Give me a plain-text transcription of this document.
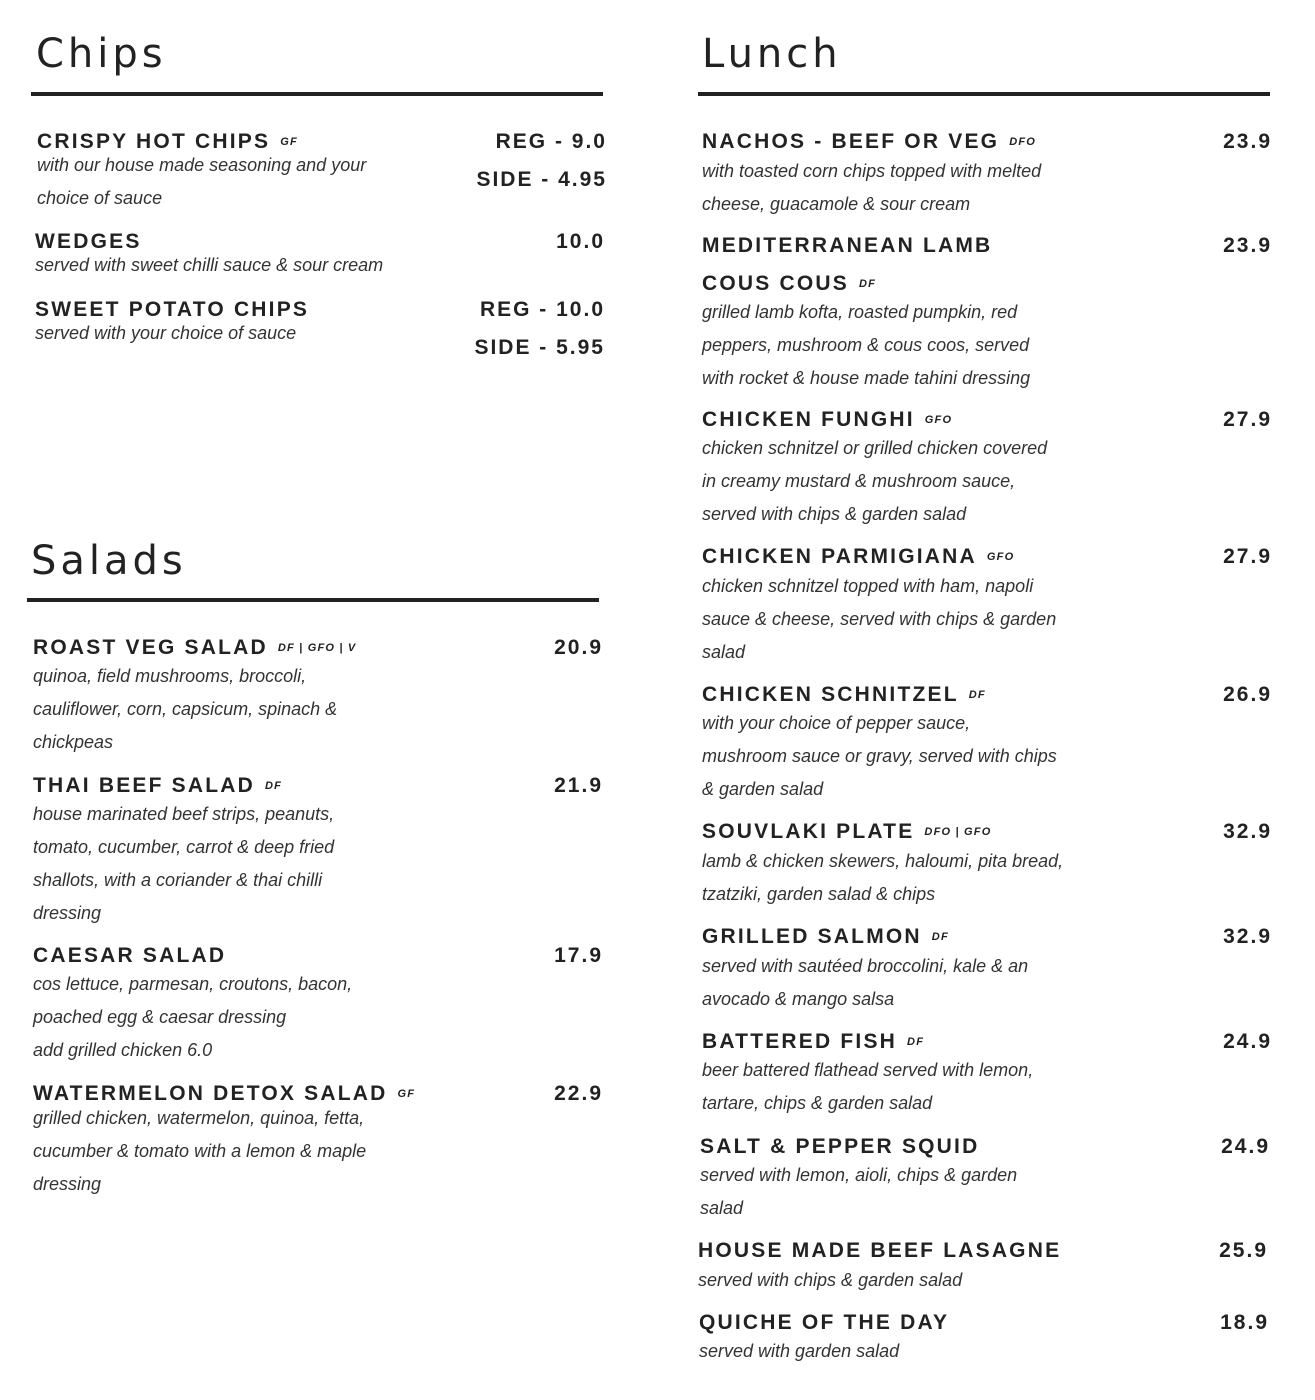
Chips
CRISPY HOT CHIPS GF

with our house made seasoning and your
choice of sauce

REG - 9.0
SIDE - 4.95
WEDGES

served with sweet chilli sauce & sour cream

10.0
SWEET POTATO CHIPS

served with your choice of sauce

REG - 10.0
SIDE - 5.95
Salads
ROAST VEG SALAD DF | GFO | V

quinoa, field mushrooms, broccoli,
cauliflower, corn, capsicum, spinach &
chickpeas

20.9
THAI BEEF SALAD DF

house marinated beef strips, peanuts,
tomato, cucumber, carrot & deep fried
shallots, with a coriander & thai chilli
dressing

21.9
CAESAR SALAD

cos lettuce, parmesan, croutons, bacon,
poached egg & caesar dressing
add grilled chicken 6.0

17.9
WATERMELON DETOX SALAD GF

grilled chicken, watermelon, quinoa, fetta,
cucumber & tomato with a lemon & maple
dressing

22.9
Lunch
NACHOS - BEEF OR VEG DFO

with toasted corn chips topped with melted
cheese, guacamole & sour cream

23.9
MEDITERRANEAN LAMB
COUS COUS DF

grilled lamb kofta, roasted pumpkin, red
peppers, mushroom & cous coos, served
with rocket & house made tahini dressing

23.9
CHICKEN FUNGHI GFO

chicken schnitzel or grilled chicken covered
in creamy mustard & mushroom sauce,
served with chips & garden salad

27.9
CHICKEN PARMIGIANA GFO

chicken schnitzel topped with ham, napoli
sauce & cheese, served with chips & garden
salad

27.9
CHICKEN SCHNITZEL DF

with your choice of pepper sauce,
mushroom sauce or gravy, served with chips
& garden salad

26.9
SOUVLAKI PLATE DFO | GFO

lamb & chicken skewers, haloumi, pita bread,
tzatziki, garden salad & chips

32.9
GRILLED SALMON DF

served with sautéed broccolini, kale & an
avocado & mango salsa

32.9
BATTERED FISH DF

beer battered flathead served with lemon,
tartare, chips & garden salad

24.9
SALT & PEPPER SQUID

served with lemon, aioli, chips & garden
salad

24.9
HOUSE MADE BEEF LASAGNE

served with chips & garden salad

25.9
QUICHE OF THE DAY

served with garden salad

18.9
